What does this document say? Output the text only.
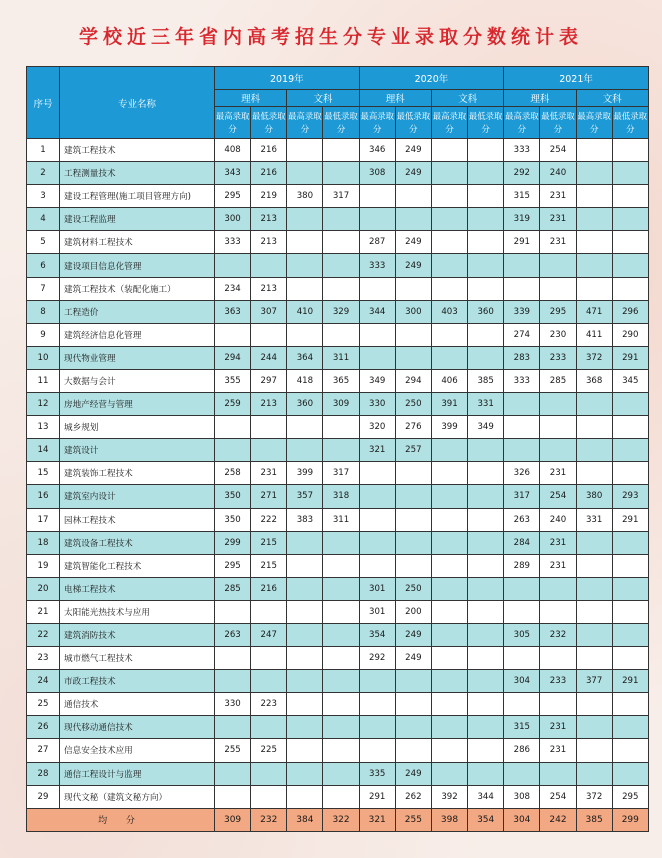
学校近三年省内高考招生分专业录取分数统计表
序号	专业名称	2019年				2020年				2021年			
		理科		文科		理科		文科		理科		文科	
		最高录取分	最低录取分	最高录取分	最低录取分	最高录取分	最低录取分	最高录取分	最低录取分	最高录取分	最低录取分	最高录取分	最低录取分
1	建筑工程技术	408	216			346	249			333	254		
2	工程测量技术	343	216			308	249			292	240		
3	建设工程管理(施工项目管理方向)	295	219	380	317					315	231		
4	建设工程监理	300	213							319	231		
5	建筑材料工程技术	333	213			287	249			291	231		
6	建设项目信息化管理					333	249						
7	建筑工程技术（装配化施工）	234	213										
8	工程造价	363	307	410	329	344	300	403	360	339	295	471	296
9	建筑经济信息化管理									274	230	411	290
10	现代物业管理	294	244	364	311					283	233	372	291
11	大数据与会计	355	297	418	365	349	294	406	385	333	285	368	345
12	房地产经营与管理	259	213	360	309	330	250	391	331				
13	城乡规划					320	276	399	349				
14	建筑设计					321	257						
15	建筑装饰工程技术	258	231	399	317					326	231		
16	建筑室内设计	350	271	357	318					317	254	380	293
17	园林工程技术	350	222	383	311					263	240	331	291
18	建筑设备工程技术	299	215							284	231		
19	建筑智能化工程技术	295	215							289	231		
20	电梯工程技术	285	216			301	250						
21	太阳能光热技术与应用					301	200						
22	建筑消防技术	263	247			354	249			305	232		
23	城市燃气工程技术					292	249						
24	市政工程技术									304	233	377	291
25	通信技术	330	223										
26	现代移动通信技术									315	231		
27	信息安全技术应用	255	225							286	231		
28	通信工程设计与监理					335	249						
29	现代文秘（建筑文秘方向）					291	262	392	344	308	254	372	295
均 分		309	232	384	322	321	255	398	354	304	242	385	299
